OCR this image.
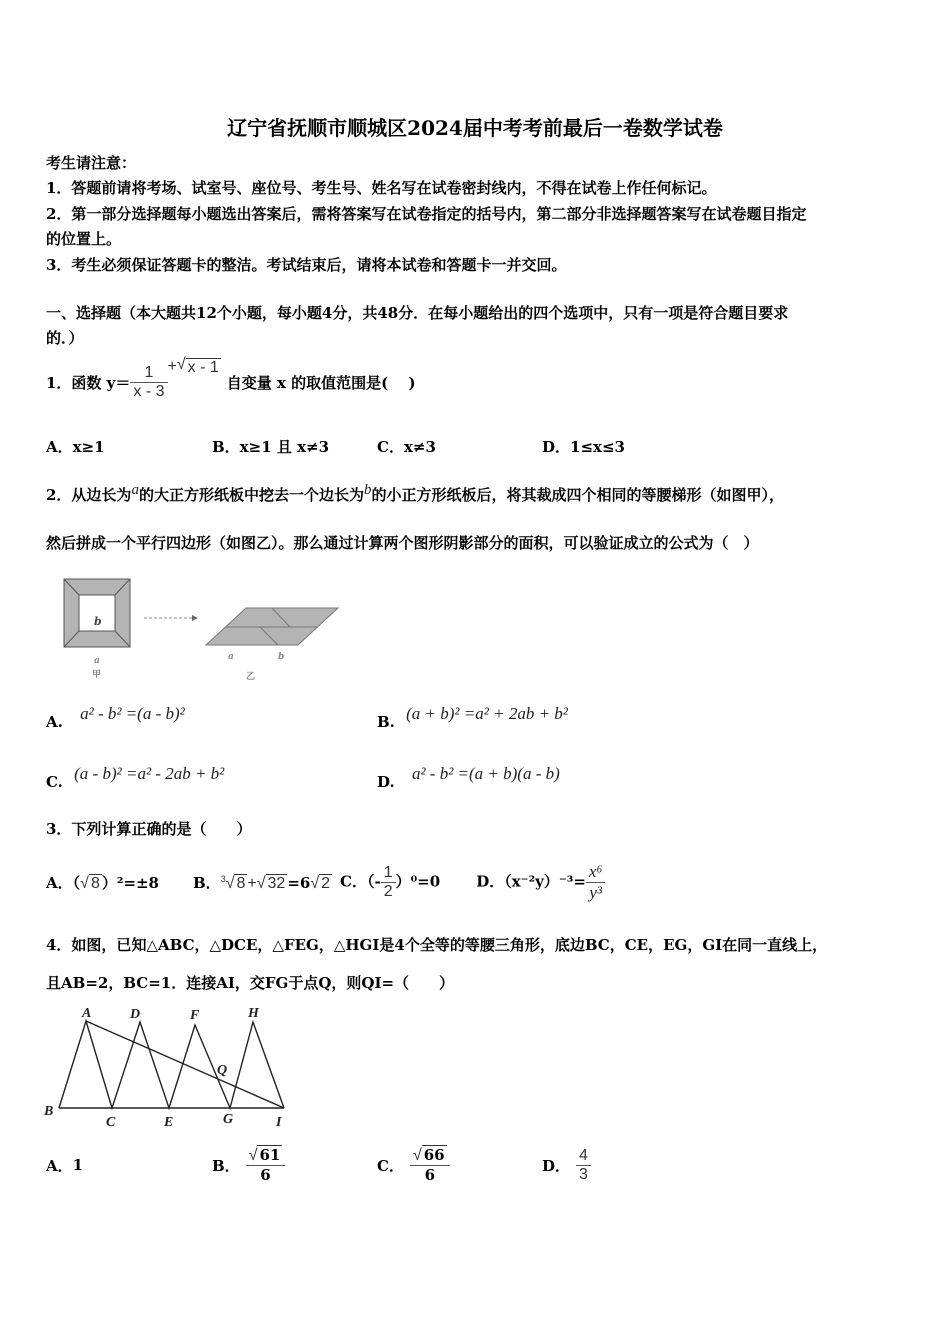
辽宁省抚顺市顺城区2024届中考考前最后一卷数学试卷
考生请注意：
1．答题前请将考场、试室号、座位号、考生号、姓名写在试卷密封线内，不得在试卷上作任何标记。
2．第一部分选择题每小题选出答案后，需将答案写在试卷指定的括号内，第二部分非选择题答案写在试卷题目指定
的位置上。
3．考生必须保证答题卡的整洁。考试结束后，请将本试卷和答题卡一并交回。
一、选择题（本大题共12个小题，每小题4分，共48分．在每小题给出的四个选项中，只有一项是符合题目要求
的．）
1．函数 $y= \frac{1}{x - 3}$ + √ x - 1
自变量 x 的取值范围是(　 )
A．x≥1	B．x≥1 且 x≠3	C．x≠3	D．1≤x≤3
2．从边长为$^a$的大正方形纸板中挖去一个边长为$^b$的小正方形纸板后，将其裁成四个相同的等腰梯形（如图甲），
然后拼成一个平行四边形（如图乙）。那么通过计算两个图形阴影部分的面积，可以验证成立的公式为（　）
b
a
甲
a	b
乙
A. a² - b² =(a - b)²	B. (a + b)² =a² + 2ab + b²
C. (a - b)² =a² - 2ab + b²	D. a² - b² =(a + b)(a - b)
3．下列计算正确的是（　　）
A．（√ 8 ）²=±8 B．$^3$√ 8 +√ 32 =6√ 2 C．（- $\frac{1}{2} )^0=0$ D．$(x^{-2}y)^{-3}= \frac{\text{x⁶}}{\text{y³}}$
4．如图，已知△ABC，△DCE，△FEG，△HGI是4个全等的等腰三角形，底边BC，CE，EG，GI在同一直线上，
且AB=2，BC=1．连接AI，交FG于点Q，则QI=（　　）
A
B
C
D
E
F
G
H
I
Q
A． 1	B． $\frac{√ 61}{6}$	C． $\frac{√ 66}{6}$	D． $\frac{4}{3}$
